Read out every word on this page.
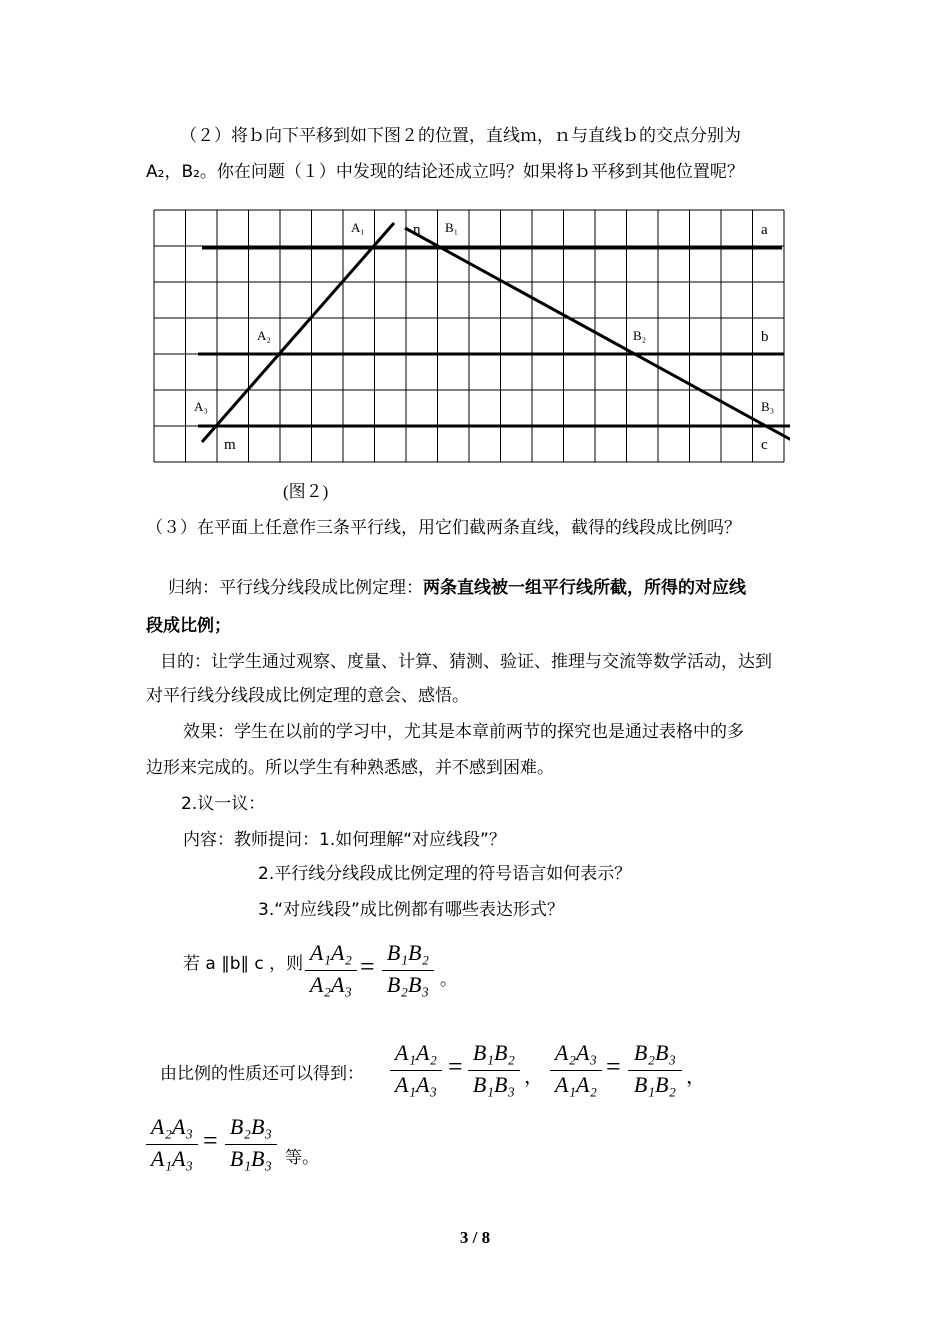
（２）将ｂ向下平移到如下图２的位置，直线ｍ，ｎ与直线ｂ的交点分别为
A₂，B₂。你在问题（１）中发现的结论还成立吗？如果将ｂ平移到其他位置呢？
A₁	n B₁	a
A₂	B₂	b
A₃	B₃
m	c
(图２)
（３）在平面上任意作三条平行线，用它们截两条直线，截得的线段成比例吗？
归纳：平行线分线段成比例定理：两条直线被一组平行线所截，所得的对应线
段成比例；
目的：让学生通过观察、度量、计算、猜测、验证、推理与交流等数学活动，达到
对平行线分线段成比例定理的意会、感悟。
效果：学生在以前的学习中，尤其是本章前两节的探究也是通过表格中的多
边形来完成的。所以学生有种熟悉感，并不感到困难。
2.议一议：
内容：教师提问：1.如何理解“对应线段”？
2.平行线分线段成比例定理的符号语言如何表示？
3.“对应线段”成比例都有哪些表达形式？
若 a ∥b∥ c ，则 A₁A₂
A₂A₃
= B₁B₂
B₂B₃ 。
由比例的性质还可以得到：
A₁A₂
A₁A₃
= B₁B₂
B₁B₃ ，
A₂A₃
A₁A₂
= B₂B₃
B₁B₂ ，
A₂A₃
A₁A₃
= B₂B₃
B₁B₃ 等。
3 / 8
